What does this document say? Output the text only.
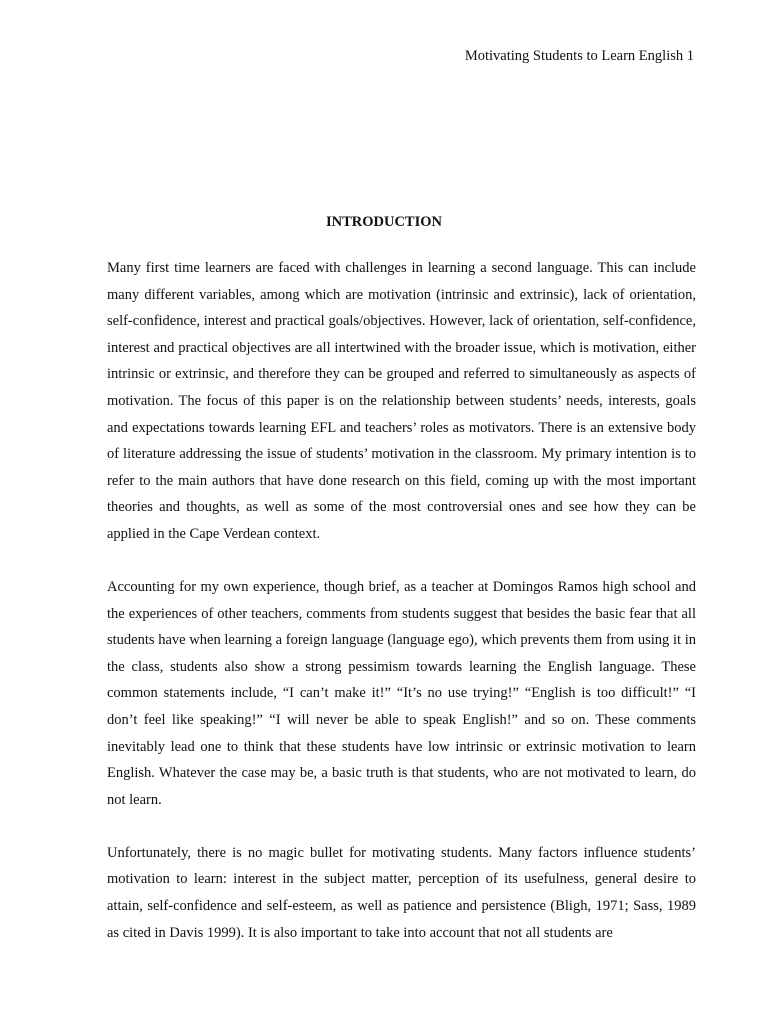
Motivating Students to Learn English 1
INTRODUCTION

Many first time learners are faced with challenges in learning a second language. This can include many different variables, among which are motivation (intrinsic and extrinsic), lack of orientation, self-confidence, interest and practical goals/objectives. However, lack of orientation, self-confidence, interest and practical objectives are all intertwined with the broader issue, which is motivation, either intrinsic or extrinsic, and therefore they can be grouped and referred to simultaneously as aspects of motivation. The focus of this paper is on the relationship between students’ needs, interests, goals and expectations towards learning EFL and teachers’ roles as motivators. There is an extensive body of literature addressing the issue of students’ motivation in the classroom. My primary intention is to refer to the main authors that have done research on this field, coming up with the most important theories and thoughts, as well as some of the most controversial ones and see how they can be applied in the Cape Verdean context.

Accounting for my own experience, though brief, as a teacher at Domingos Ramos high school and the experiences of other teachers, comments from students suggest that besides the basic fear that all students have when learning a foreign language (language ego), which prevents them from using it in the class, students also show a strong pessimism towards learning the English language. These common statements include, “I can’t make it!” “It’s no use trying!” “English is too difficult!” “I don’t feel like speaking!” “I will never be able to speak English!” and so on. These comments inevitably lead one to think that these students have low intrinsic or extrinsic motivation to learn English. Whatever the case may be, a basic truth is that students, who are not motivated to learn, do not learn.

Unfortunately, there is no magic bullet for motivating students. Many factors influence students’ motivation to learn: interest in the subject matter, perception of its usefulness, general desire to attain, self-confidence and self-esteem, as well as patience and persistence (Bligh, 1971; Sass, 1989 as cited in Davis 1999). It is also important to take into account that not all students are
